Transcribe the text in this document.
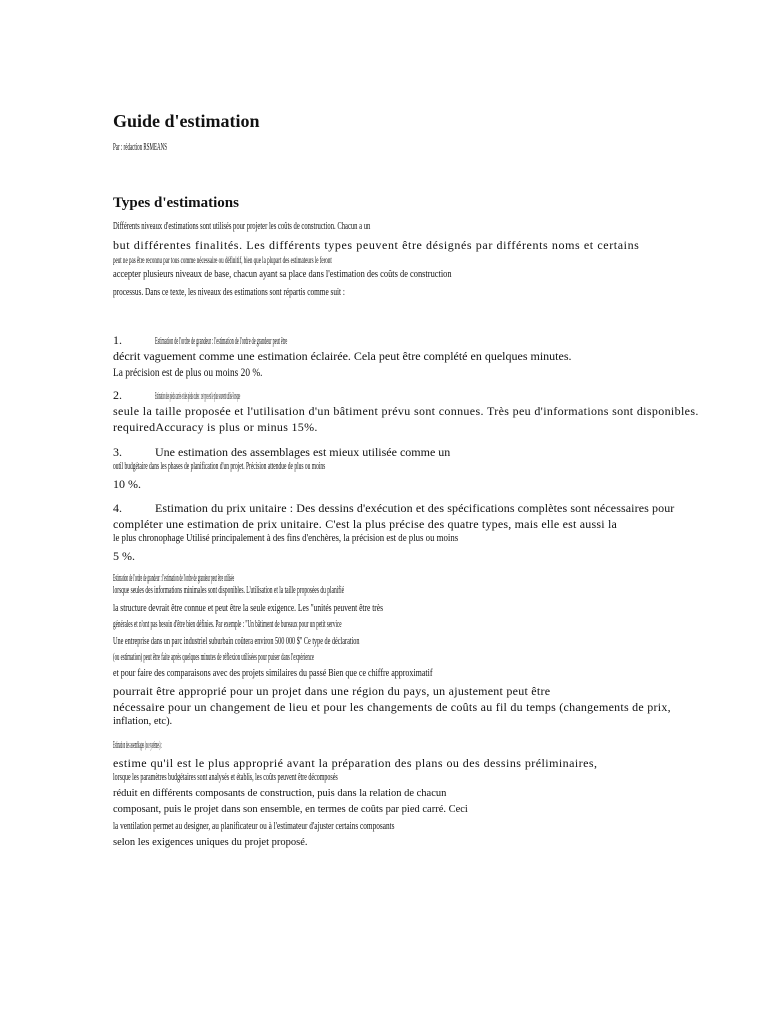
Guide d'estimation
Par : rédaction RSMEANS
Types d'estimations
Différents niveaux d'estimations sont utilisés pour projeter les coûts de construction. Chacun a un
but différentes finalités. Les différents types peuvent être désignés par différents noms et certains
peut ne pas être reconnu par tous comme nécessaire ou définitif, bien que la plupart des estimateurs le feront
accepter plusieurs niveaux de base, chacun ayant sa place dans l'estimation des coûts de construction
processus. Dans ce texte, les niveaux des estimations sont répartis comme suit :
1.	Estimation de l'ordre de grandeur : l'estimation de l'ordre de grandeur peut être
décrit vaguement comme une estimation éclairée. Cela peut être complété en quelques minutes.
La précision est de plus ou moins 20 %.
2.	Estimation des pieds carrés et des pieds cubes : ce type est le plus souvent utilisé lorsque
seule la taille proposée et l'utilisation d'un bâtiment prévu sont connues. Très peu d'informations sont disponibles.
requiredAccuracy is plus or minus 15%.
3.	Une estimation des assemblages est mieux utilisée comme un
outil budgétaire dans les phases de planification d'un projet. Précision attendue de plus ou moins
10 %.
4.	Estimation du prix unitaire : Des dessins d'exécution et des spécifications complètes sont nécessaires pour
compléter une estimation de prix unitaire. C'est la plus précise des quatre types, mais elle est aussi la
le plus chronophage Utilisé principalement à des fins d'enchères, la précision est de plus ou moins
5 %.
Estimation de l'ordre de grandeur : l'estimation de l'ordre de grandeur peut être utilisée
lorsque seules des informations minimales sont disponibles. L'utilisation et la taille proposées du planifié
la structure devrait être connue et peut être la seule exigence. Les "unités peuvent être très
générales et n'ont pas besoin d'être bien définies. Par exemple : "Un bâtiment de bureaux pour un petit service
Une entreprise dans un parc industriel suburbain coûtera environ 500 000 $" Ce type de déclaration
(ou estimation) peut être faite après quelques minutes de réflexion utilisées pour puiser dans l'expérience
et pour faire des comparaisons avec des projets similaires du passé Bien que ce chiffre approximatif
pourrait être approprié pour un projet dans une région du pays, un ajustement peut être
nécessaire pour un changement de lieu et pour les changements de coûts au fil du temps (changements de prix,
inflation, etc).
Estimation des assemblages (ou systèmes) :
estime qu'il est le plus approprié avant la préparation des plans ou des dessins préliminaires,
lorsque les paramètres budgétaires sont analysés et établis, les coûts peuvent être décomposés
réduit en différents composants de construction, puis dans la relation de chacun
composant, puis le projet dans son ensemble, en termes de coûts par pied carré. Ceci
la ventilation permet au designer, au planificateur ou à l'estimateur d'ajuster certains composants
selon les exigences uniques du projet proposé.
